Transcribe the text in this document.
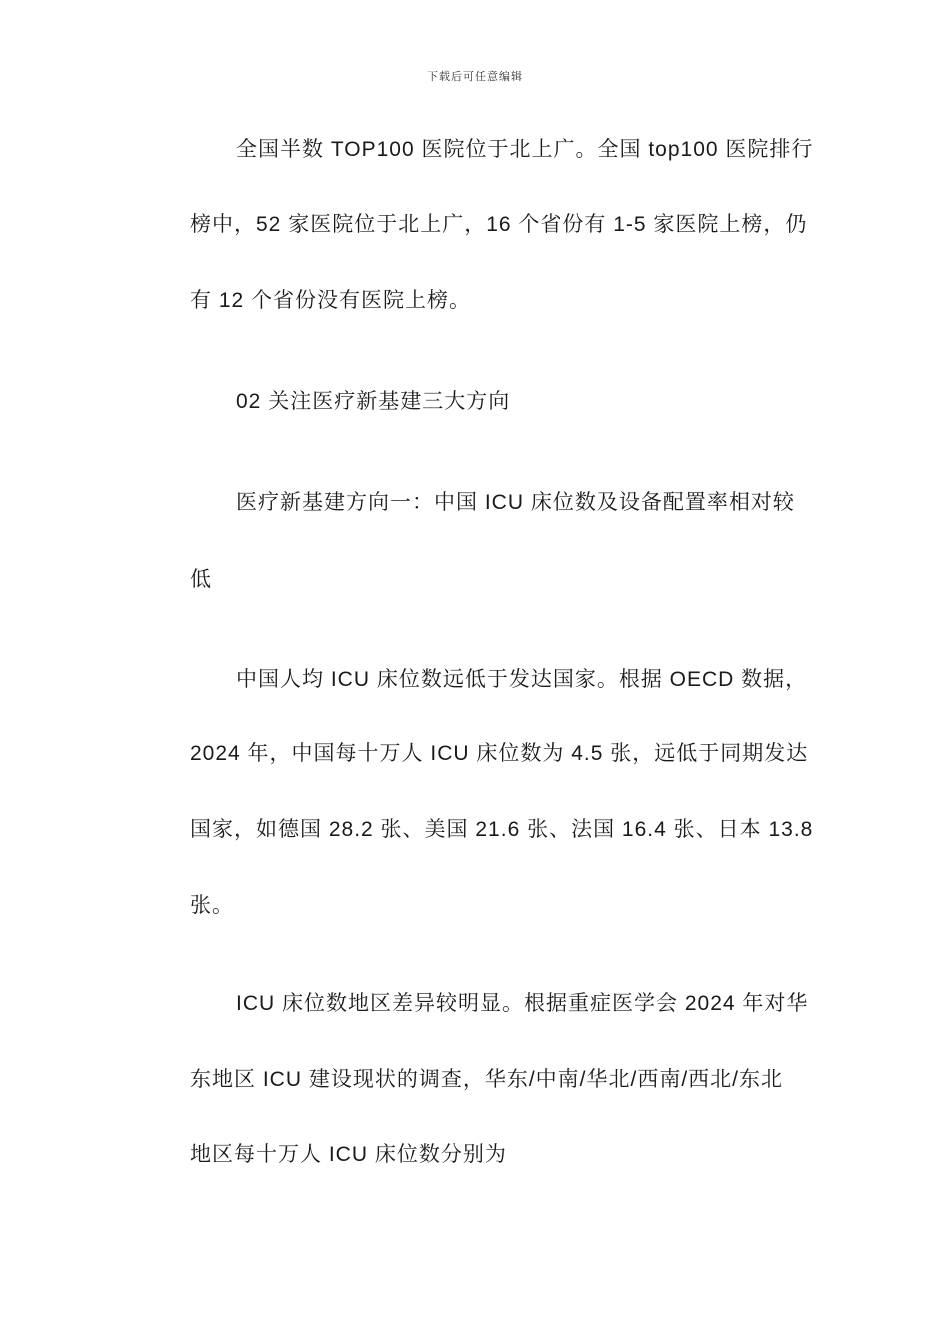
下载后可任意编辑
全国半数 TOP100 医院位于北上广。全国 top100 医院排行
榜中，52 家医院位于北上广，16 个省份有 1-5 家医院上榜，仍
有 12 个省份没有医院上榜。
02 关注医疗新基建三大方向
医疗新基建方向一：中国 ICU 床位数及设备配置率相对较
低
中国人均 ICU 床位数远低于发达国家。根据 OECD 数据，
2024 年，中国每十万人 ICU 床位数为 4.5 张，远低于同期发达
国家，如德国 28.2 张、美国 21.6 张、法国 16.4 张、日本 13.8
张。
ICU 床位数地区差异较明显。根据重症医学会 2024 年对华
东地区 ICU 建设现状的调查，华东/中南/华北/西南/西北/东北
地区每十万人 ICU 床位数分别为
